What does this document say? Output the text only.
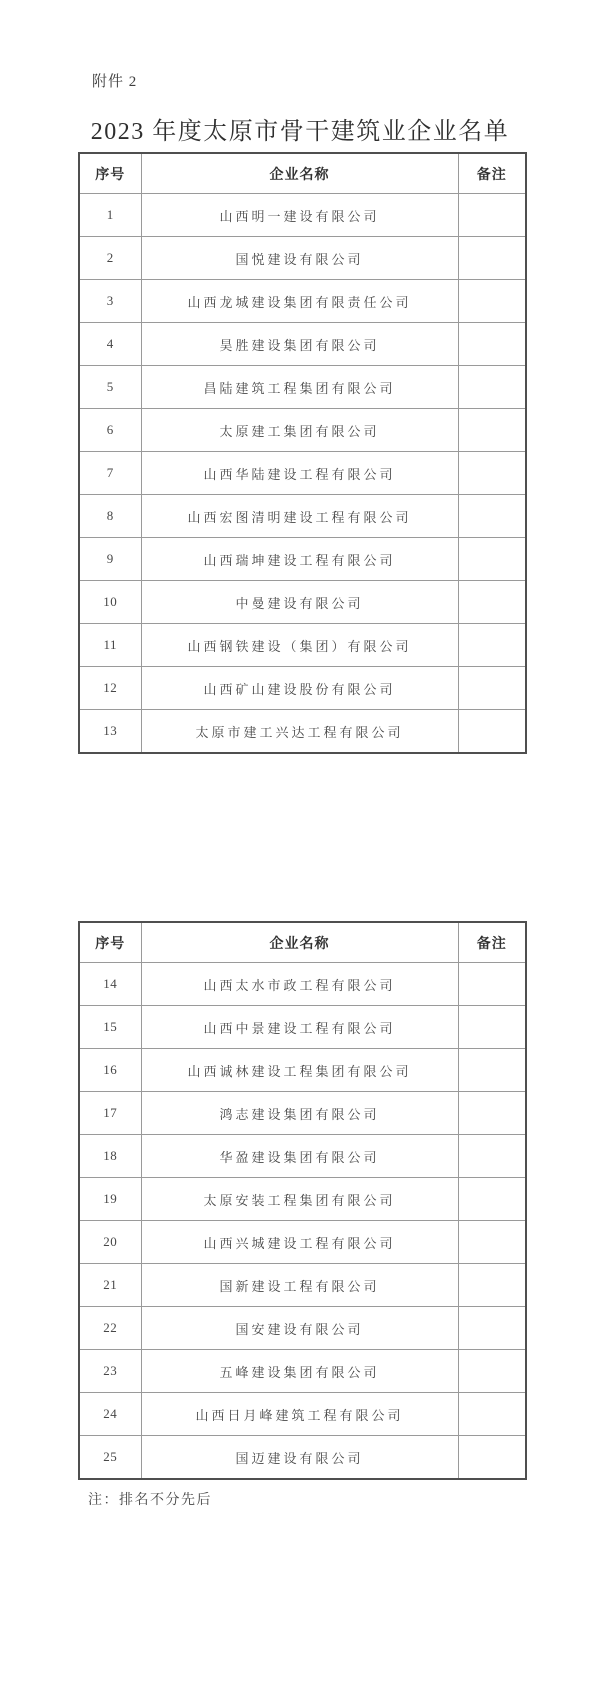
附件 2
2023 年度太原市骨干建筑业企业名单
序号	企业名称	备注
1	山西明一建设有限公司	
2	国悦建设有限公司	
3	山西龙城建设集团有限责任公司	
4	昊胜建设集团有限公司	
5	昌陆建筑工程集团有限公司	
6	太原建工集团有限公司	
7	山西华陆建设工程有限公司	
8	山西宏图清明建设工程有限公司	
9	山西瑞坤建设工程有限公司	
10	中曼建设有限公司	
11	山西钢铁建设（集团）有限公司	
12	山西矿山建设股份有限公司	
13	太原市建工兴达工程有限公司	
序号	企业名称	备注
14	山西太水市政工程有限公司	
15	山西中景建设工程有限公司	
16	山西诚林建设工程集团有限公司	
17	鸿志建设集团有限公司	
18	华盈建设集团有限公司	
19	太原安装工程集团有限公司	
20	山西兴城建设工程有限公司	
21	国新建设工程有限公司	
22	国安建设有限公司	
23	五峰建设集团有限公司	
24	山西日月峰建筑工程有限公司	
25	国迈建设有限公司	
注：排名不分先后
